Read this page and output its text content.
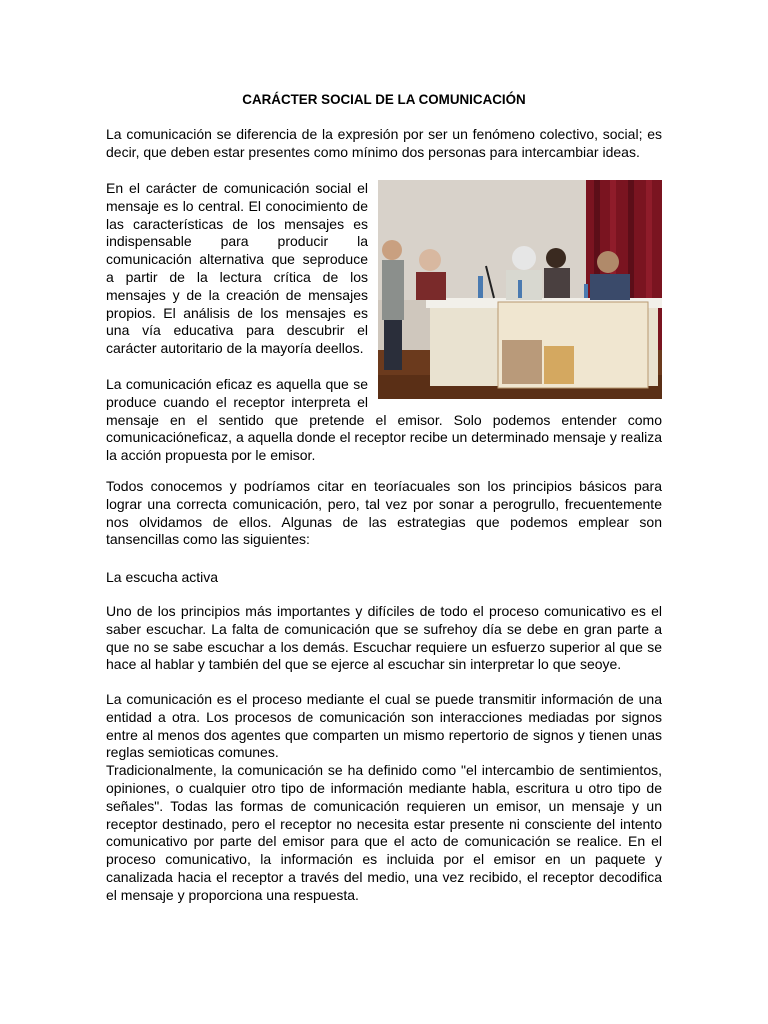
CARÁCTER SOCIAL DE LA COMUNICACIÓN

La comunicación se diferencia de la expresión por ser un fenómeno colectivo, social; es decir, que deben estar presentes como mínimo dos personas para intercambiar ideas.

En el carácter de comunicación social el mensaje es lo central. El conocimiento de las características de los mensajes es indispensable para producir la comunicación alternativa que seproduce a partir de la lectura crítica de los mensajes y de la creación de mensajes propios. El análisis de los mensajes es una vía educativa para descubrir el carácter autoritario de la mayoría deellos.

La comunicación eficaz es aquella que se produce cuando el receptor interpreta el mensaje en el sentido que pretende el emisor. Solo podemos entender como comunicacióneficaz, a aquella donde el receptor recibe un determinado mensaje y realiza la acción propuesta por le emisor.

Todos conocemos y podríamos citar en teoríacuales son los principios básicos para lograr una correcta comunicación, pero, tal vez por sonar a perogrullo, frecuentemente nos olvidamos de ellos. Algunas de las estrategias que podemos emplear son tansencillas como las siguientes:

La escucha activa

Uno de los principios más importantes y difíciles de todo el proceso comunicativo es el saber escuchar. La falta de comunicación que se sufrehoy día se debe en gran parte a que no se sabe escuchar a los demás. Escuchar requiere un esfuerzo superior al que se hace al hablar y también del que se ejerce al escuchar sin interpretar lo que seoye.

La comunicación es el proceso mediante el cual se puede transmitir información de una entidad a otra. Los procesos de comunicación son interacciones mediadas por signos entre al menos dos agentes que comparten un mismo repertorio de signos y tienen unas reglas semioticas comunes.

Tradicionalmente, la comunicación se ha definido como "el intercambio de sentimientos, opiniones, o cualquier otro tipo de información mediante habla, escritura u otro tipo de señales". Todas las formas de comunicación requieren un emisor, un mensaje y un receptor destinado, pero el receptor no necesita estar presente ni consciente del intento comunicativo por parte del emisor para que el acto de comunicación se realice. En el proceso comunicativo, la información es incluida por el emisor en un paquete y canalizada hacia el receptor a través del medio, una vez recibido, el receptor decodifica el mensaje y proporciona una respuesta.
